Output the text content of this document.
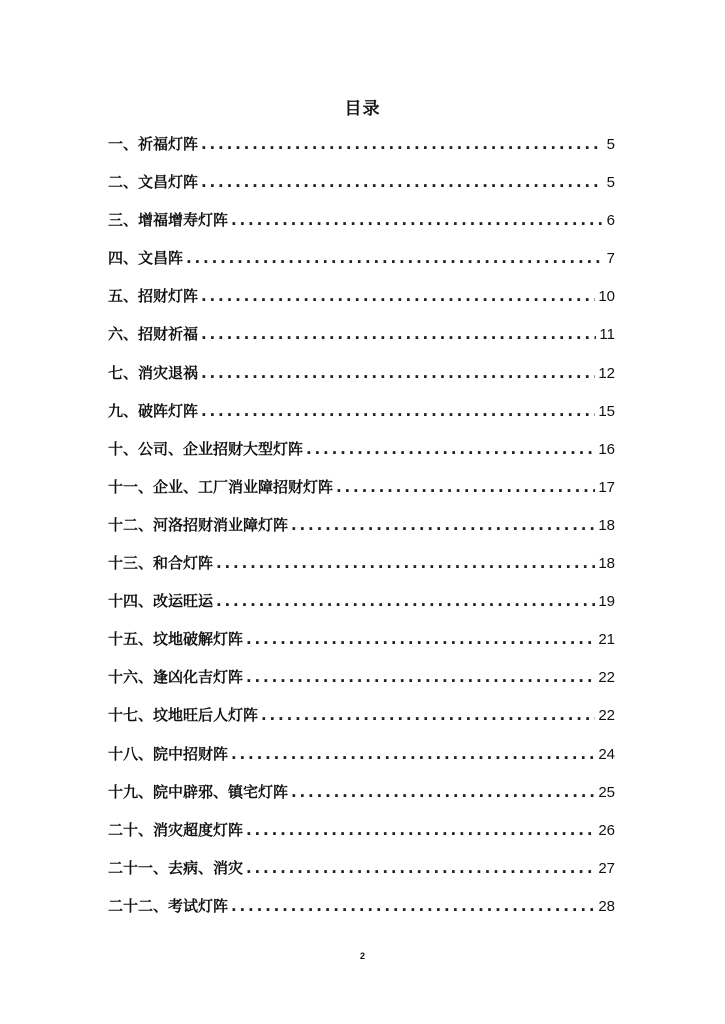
目录
一、祈福灯阵 . . .	5
二、文昌灯阵 . . .	5
三、增福增寿灯阵 . . .	6
四、文昌阵 . . .	7
五、招财灯阵 . . .	10
六、招财祈福 . . .	11
七、消灾退祸 . . .	12
九、破阵灯阵 . . .	15
十、公司、企业招财大型灯阵 . . .	16
十一、企业、工厂消业障招财灯阵 . . .	17
十二、河洛招财消业障灯阵 . . .	18
十三、和合灯阵 . . .	18
十四、改运旺运 . . .	19
十五、坟地破解灯阵 . . .	21
十六、逢凶化吉灯阵 . . .	22
十七、坟地旺后人灯阵 . . .	22
十八、院中招财阵 . . .	24
十九、院中辟邪、镇宅灯阵 . . .	25
二十、消灾超度灯阵 . . .	26
二十一、去病、消灾 . . .	27
二十二、考试灯阵 . . .	28
2
